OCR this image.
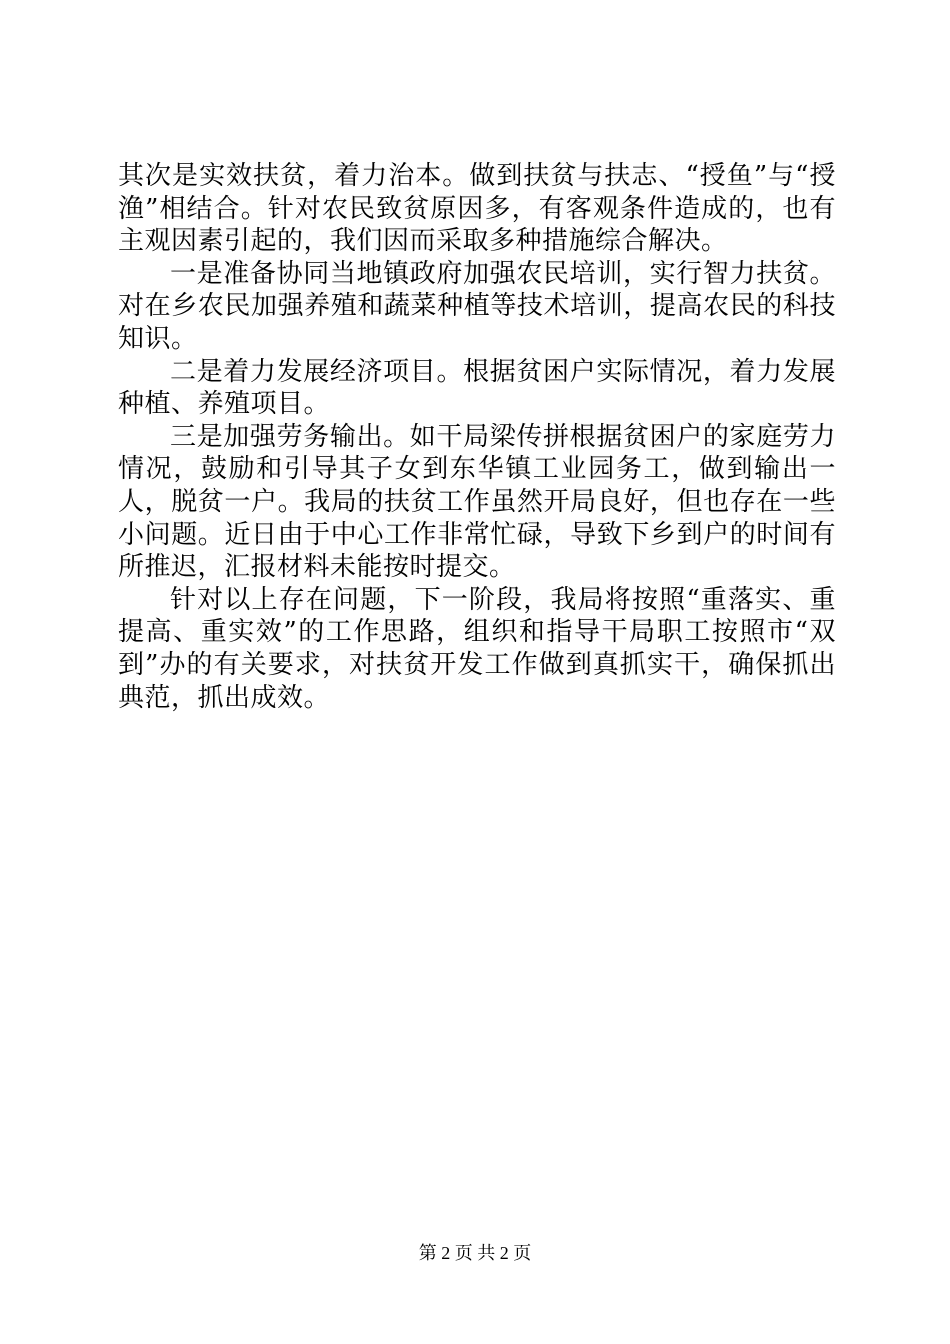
其次是实效扶贫，着力治本。做到扶贫与扶志、“授鱼”与“授渔”相结合。针对农民致贫原因多，有客观条件造成的，也有主观因素引起的，我们因而采取多种措施综合解决。

一是准备协同当地镇政府加强农民培训，实行智力扶贫。对在乡农民加强养殖和蔬菜种植等技术培训，提高农民的科技知识。

二是着力发展经济项目。根据贫困户实际情况，着力发展种植、养殖项目。

三是加强劳务输出。如干局梁传拼根据贫困户的家庭劳力情况，鼓励和引导其子女到东华镇工业园务工，做到输出一人，脱贫一户。我局的扶贫工作虽然开局良好，但也存在一些小问题。近日由于中心工作非常忙碌，导致下乡到户的时间有所推迟，汇报材料未能按时提交。

针对以上存在问题，下一阶段，我局将按照“重落实、重提高、重实效”的工作思路，组织和指导干局职工按照市“双到”办的有关要求，对扶贫开发工作做到真抓实干，确保抓出典范，抓出成效。

第 2 页 共 2 页
